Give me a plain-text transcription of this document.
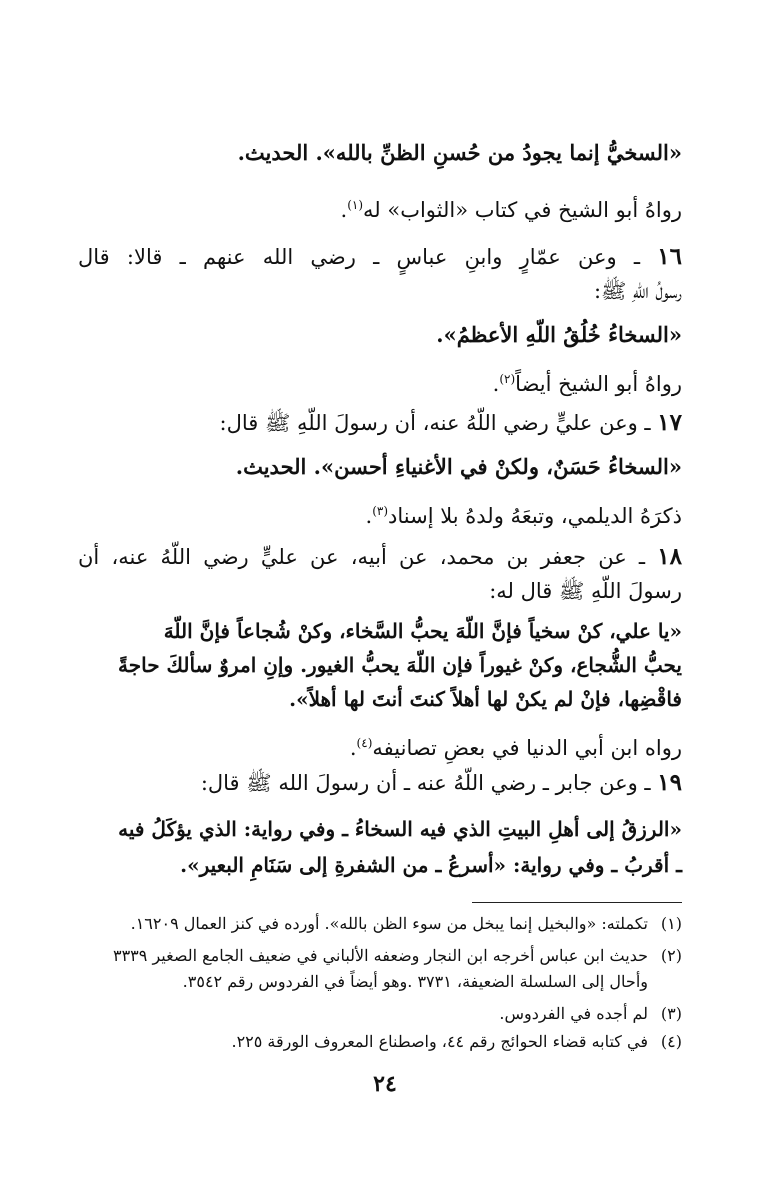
«السخيُّ إنما يجودُ من حُسنِ الظنِّ بالله». الحديث.
رواهُ أبو الشيخ في كتاب «الثواب» له$^{(١)}$.
١٦ ـ وعن عمّارٍ وابنِ عباسٍ ـ رضي الله عنهم ـ قالا: قال
رسولُ اللّهِ ﷺ:
«السخاءُ خُلُقُ اللّهِ الأعظمُ».
رواهُ أبو الشيخ أيضاً$^{(٢)}$.
١٧ ـ وعن عليٍّ رضي اللّهُ عنه، أن رسولَ اللّهِ ﷺ قال:
«السخاءُ حَسَنٌ، ولكنْ في الأغنياءِ أحسن». الحديث.
ذكرَهُ الديلمي، وتبعَهُ ولدهُ بلا إسناد$^{(٣)}$.
١٨ ـ عن جعفر بن محمد، عن أبيه، عن عليٍّ رضي اللّهُ عنه، أن
رسولَ اللّهِ ﷺ قال له:
«يا علي، كنْ سخياً فإنَّ اللّهَ يحبُّ السَّخاء، وكنْ شُجاعاً فإنَّ اللّهَ
يحبُّ الشُّجاع، وكنْ غيوراً فإن اللّهَ يحبُّ الغيور. وإنِ امروٌ سألكَ حاجةً
فاقْضِها، فإنْ لم يكنْ لها أهلاً كنتَ أنتَ لها أهلاً».
رواه ابن أبي الدنيا في بعضِ تصانيفه$^{(٤)}$.
١٩ ـ وعن جابر ـ رضي اللّهُ عنه ـ أن رسولَ الله ﷺ قال:
«الرزقُ إلى أهلِ البيتِ الذي فيه السخاءُ ـ وفي رواية: الذي يؤكَلُ فيه
ـ أقربُ ـ وفي رواية: «أسرعُ ـ من الشفرةِ إلى سَنَامِ البعير».
(١)تكملته: «والبخيل إنما يبخل من سوء الظن بالله». أورده في كنز العمال ١٦٢٠٩.
(٢)حديث ابن عباس أخرجه ابن النجار وضعفه الألباني في ضعيف الجامع الصغير ٣٣٣٩
وأحال إلى السلسلة الضعيفة، ٣٧٣١ .وهو أيضاً في الفردوس رقم ٣٥٤٢.
(٣)لم أجده في الفردوس.
(٤)في كتابه قضاء الحوائج رقم ٤٤، واصطناع المعروف الورقة ٢٢٥.
٢٤
